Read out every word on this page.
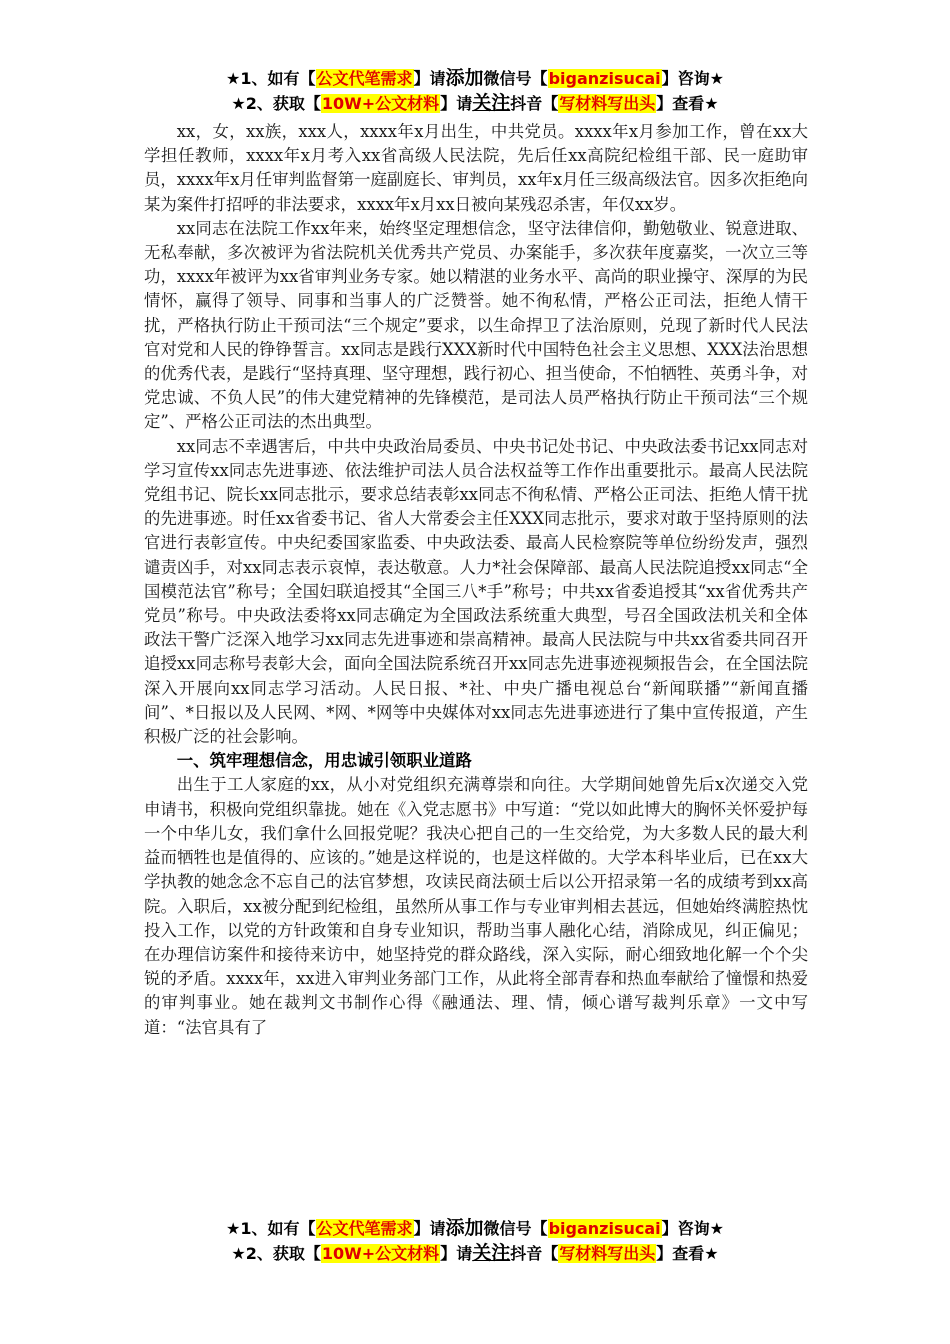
★1、如有【公文代笔需求】请添加微信号【biganzisucai】咨询★
★2、获取【10W+公文材料】请关注抖音【写材料写出头】查看★

xx，女，xx族，xxx人，xxxx年x月出生，中共党员。xxxx年x月参加工作，曾在xx大学担任教师，xxxx年x月考入xx省高级人民法院，先后任xx高院纪检组干部、民一庭助审员，xxxx年x月任审判监督第一庭副庭长、审判员，xx年x月任三级高级法官。因多次拒绝向某为案件打招呼的非法要求，xxxx年x月xx日被向某残忍杀害，年仅xx岁。

xx同志在法院工作xx年来，始终坚定理想信念，坚守法律信仰，勤勉敬业、锐意进取、无私奉献，多次被评为省法院机关优秀共产党员、办案能手，多次获年度嘉奖，一次立三等功，xxxx年被评为xx省审判业务专家。她以精湛的业务水平、高尚的职业操守、深厚的为民情怀，赢得了领导、同事和当事人的广泛赞誉。她不徇私情，严格公正司法，拒绝人情干扰，严格执行防止干预司法“三个规定”要求，以生命捍卫了法治原则，兑现了新时代人民法官对党和人民的铮铮誓言。xx同志是践行XXX新时代中国特色社会主义思想、XXX法治思想的优秀代表，是践行“坚持真理、坚守理想，践行初心、担当使命，不怕牺牲、英勇斗争，对党忠诚、不负人民”的伟大建党精神的先锋模范，是司法人员严格执行防止干预司法“三个规定”、严格公正司法的杰出典型。

xx同志不幸遇害后，中共中央政治局委员、中央书记处书记、中央政法委书记xx同志对学习宣传xx同志先进事迹、依法维护司法人员合法权益等工作作出重要批示。最高人民法院党组书记、院长xx同志批示，要求总结表彰xx同志不徇私情、严格公正司法、拒绝人情干扰的先进事迹。时任xx省委书记、省人大常委会主任XXX同志批示，要求对敢于坚持原则的法官进行表彰宣传。中央纪委国家监委、中央政法委、最高人民检察院等单位纷纷发声，强烈谴责凶手，对xx同志表示哀悼，表达敬意。人力*社会保障部、最高人民法院追授xx同志“全国模范法官”称号；全国妇联追授其“全国三八*手”称号；中共xx省委追授其“xx省优秀共产党员”称号。中央政法委将xx同志确定为全国政法系统重大典型，号召全国政法机关和全体政法干警广泛深入地学习xx同志先进事迹和崇高精神。最高人民法院与中共xx省委共同召开追授xx同志称号表彰大会，面向全国法院系统召开xx同志先进事迹视频报告会，在全国法院深入开展向xx同志学习活动。人民日报、*社、中央广播电视总台“新闻联播”“新闻直播间”、*日报以及人民网、*网、*网等中央媒体对xx同志先进事迹进行了集中宣传报道，产生积极广泛的社会影响。

一、筑牢理想信念，用忠诚引领职业道路

出生于工人家庭的xx，从小对党组织充满尊崇和向往。大学期间她曾先后x次递交入党申请书，积极向党组织靠拢。她在《入党志愿书》中写道：“党以如此博大的胸怀关怀爱护每一个中华儿女，我们拿什么回报党呢？我决心把自己的一生交给党，为大多数人民的最大利益而牺牲也是值得的、应该的。”她是这样说的，也是这样做的。大学本科毕业后，已在xx大学执教的她念念不忘自己的法官梦想，攻读民商法硕士后以公开招录第一名的成绩考到xx高院。入职后，xx被分配到纪检组，虽然所从事工作与专业审判相去甚远，但她始终满腔热忱投入工作，以党的方针政策和自身专业知识，帮助当事人融化心结，消除成见，纠正偏见；在办理信访案件和接待来访中，她坚持党的群众路线，深入实际，耐心细致地化解一个个尖锐的矛盾。xxxx年，xx进入审判业务部门工作，从此将全部青春和热血奉献给了憧憬和热爱的审判事业。她在裁判文书制作心得《融通法、理、情，倾心谱写裁判乐章》一文中写道：“法官具有了

★1、如有【公文代笔需求】请添加微信号【biganzisucai】咨询★
★2、获取【10W+公文材料】请关注抖音【写材料写出头】查看★
